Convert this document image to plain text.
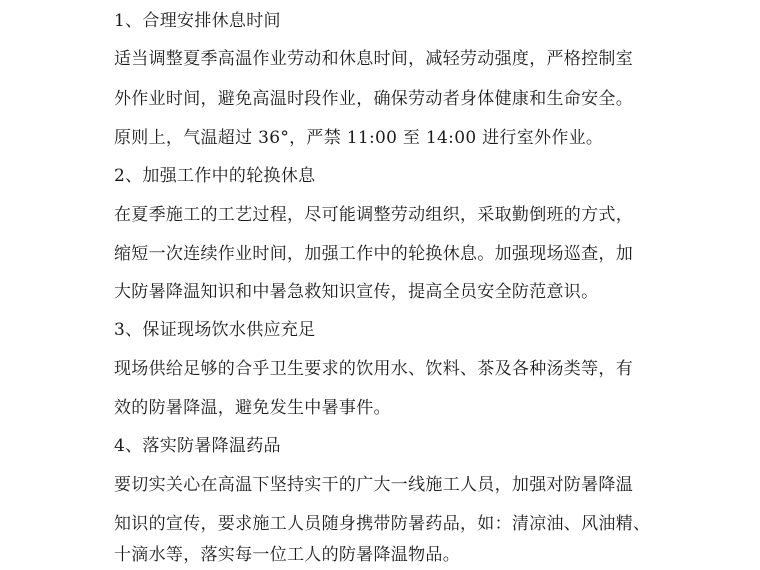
1、合理安排休息时间
适当调整夏季高温作业劳动和休息时间，减轻劳动强度，严格控制室
外作业时间，避免高温时段作业，确保劳动者身体健康和生命安全。
原则上，气温超过 36°，严禁 11:00 至 14:00 进行室外作业。
2、加强工作中的轮换休息
在夏季施工的工艺过程，尽可能调整劳动组织，采取勤倒班的方式，
缩短一次连续作业时间，加强工作中的轮换休息。加强现场巡查，加
大防暑降温知识和中暑急救知识宣传，提高全员安全防范意识。
3、保证现场饮水供应充足
现场供给足够的合乎卫生要求的饮用水、饮料、茶及各种汤类等，有
效的防暑降温，避免发生中暑事件。
4、落实防暑降温药品
要切实关心在高温下坚持实干的广大一线施工人员，加强对防暑降温
知识的宣传，要求施工人员随身携带防暑药品，如：清凉油、风油精、
十滴水等，落实每一位工人的防暑降温物品。
